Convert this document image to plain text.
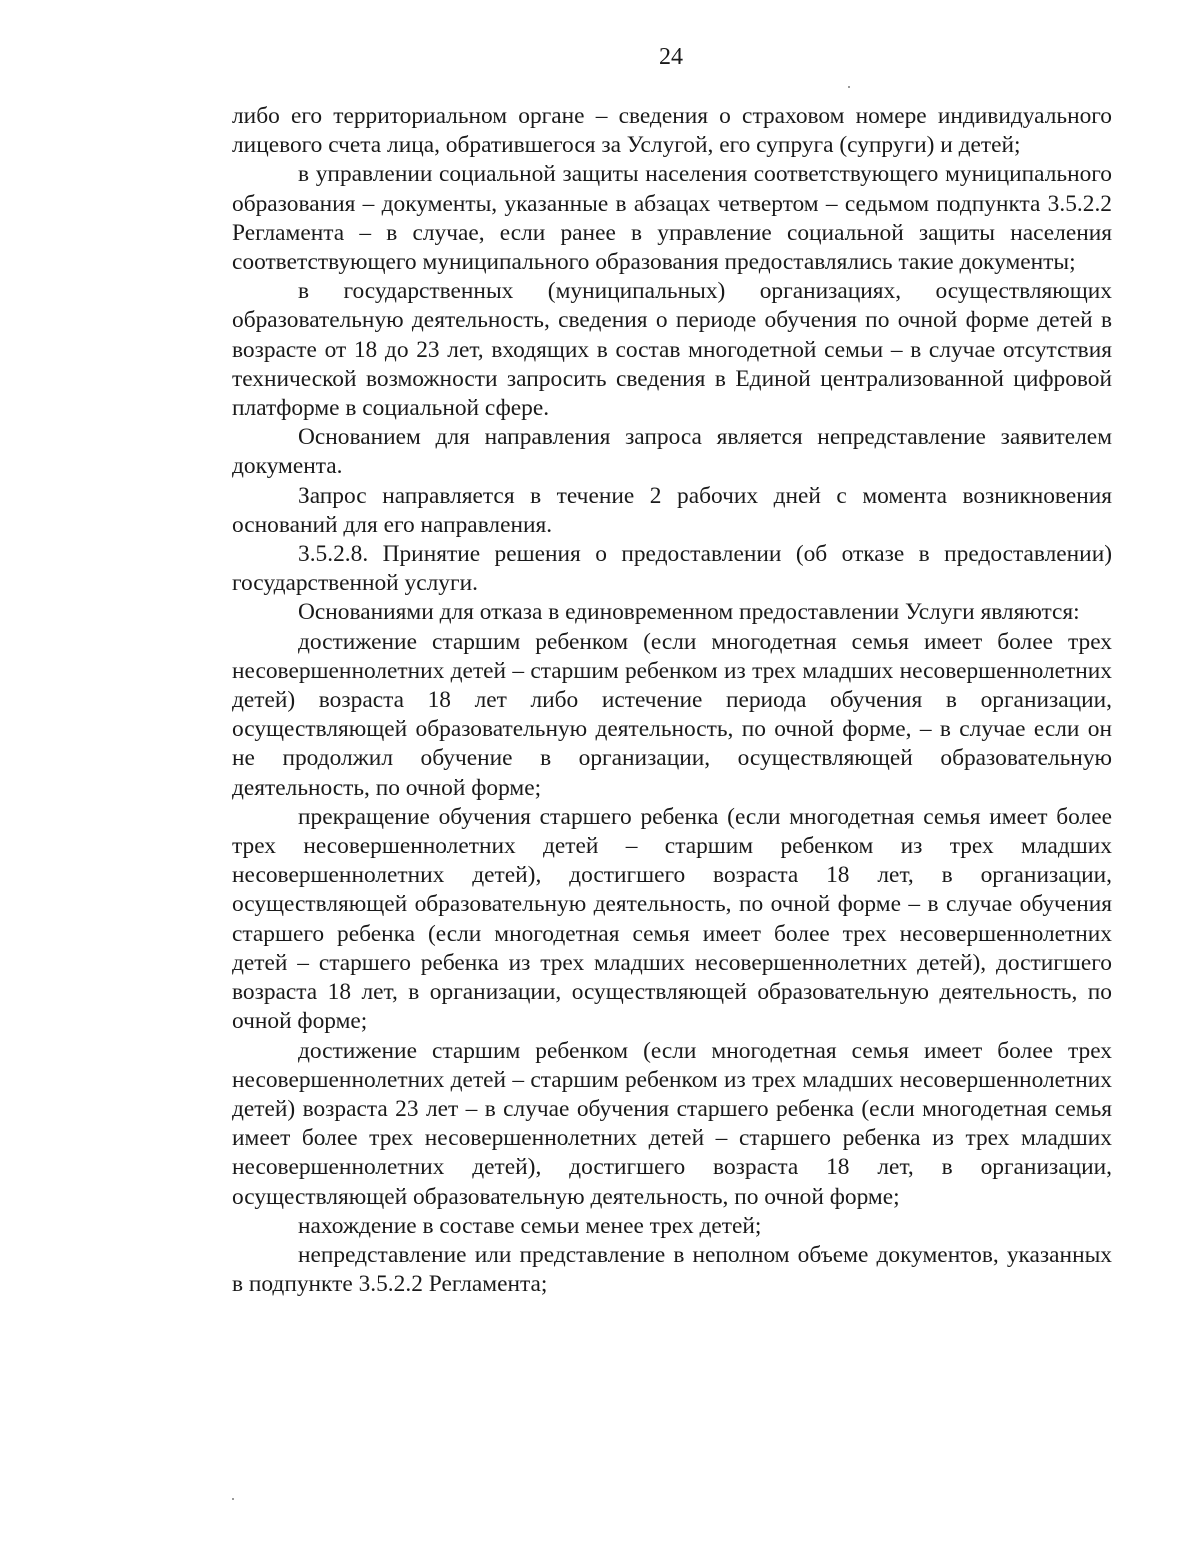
24

либо его территориальном органе – сведения о страховом номере индивидуального лицевого счета лица, обратившегося за Услугой, его супруга (супруги) и детей;

в управлении социальной защиты населения соответствующего муниципального образования – документы, указанные в абзацах четвертом – седьмом подпункта 3.5.2.2 Регламента – в случае, если ранее в управление социальной защиты населения соответствующего муниципального образования предоставлялись такие документы;

в государственных (муниципальных) организациях, осуществляющих образовательную деятельность, сведения о периоде обучения по очной форме детей в возрасте от 18 до 23 лет, входящих в состав многодетной семьи – в случае отсутствия технической возможности запросить сведения в Единой централизованной цифровой платформе в социальной сфере.

Основанием для направления запроса является непредставление заявителем документа.

Запрос направляется в течение 2 рабочих дней с момента возникновения оснований для его направления.

3.5.2.8. Принятие решения о предоставлении (об отказе в предоставлении) государственной услуги.

Основаниями для отказа в единовременном предоставлении Услуги являются:

достижение старшим ребенком (если многодетная семья имеет более трех несовершеннолетних детей – старшим ребенком из трех младших несовершеннолетних детей) возраста 18 лет либо истечение периода обучения в организации, осуществляющей образовательную деятельность, по очной форме, – в случае если он не продолжил обучение в организации, осуществляющей образовательную деятельность, по очной форме;

прекращение обучения старшего ребенка (если многодетная семья имеет более трех несовершеннолетних детей – старшим ребенком из трех младших несовершеннолетних детей), достигшего возраста 18 лет, в организации, осуществляющей образовательную деятельность, по очной форме – в случае обучения старшего ребенка (если многодетная семья имеет более трех несовершеннолетних детей – старшего ребенка из трех младших несовершеннолетних детей), достигшего возраста 18 лет, в организации, осуществляющей образовательную деятельность, по очной форме;

достижение старшим ребенком (если многодетная семья имеет более трех несовершеннолетних детей – старшим ребенком из трех младших несовершеннолетних детей) возраста 23 лет – в случае обучения старшего ребенка (если многодетная семья имеет более трех несовершеннолетних детей – старшего ребенка из трех младших несовершеннолетних детей), достигшего возраста 18 лет, в организации, осуществляющей образовательную деятельность, по очной форме;

нахождение в составе семьи менее трех детей;

непредставление или представление в неполном объеме документов, указанных в подпункте 3.5.2.2 Регламента;
